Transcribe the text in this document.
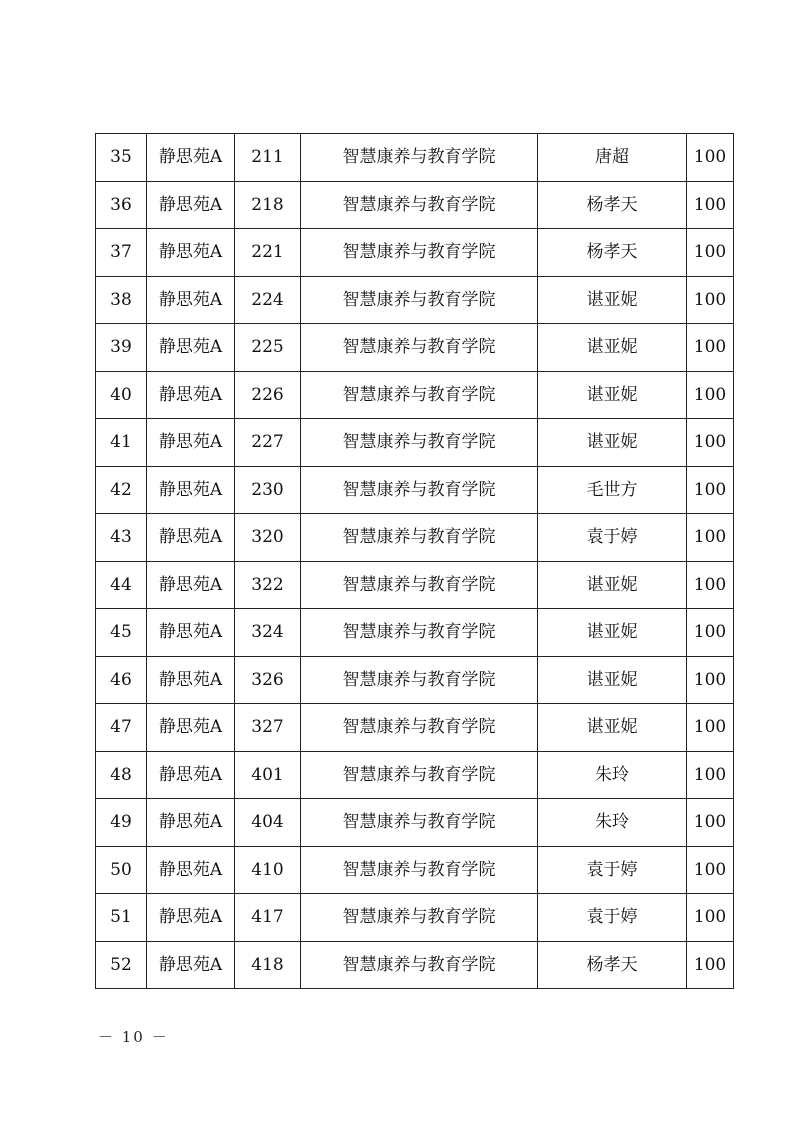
35	静思苑A	211	智慧康养与教育学院	唐超	100
36	静思苑A	218	智慧康养与教育学院	杨孝天	100
37	静思苑A	221	智慧康养与教育学院	杨孝天	100
38	静思苑A	224	智慧康养与教育学院	谌亚妮	100
39	静思苑A	225	智慧康养与教育学院	谌亚妮	100
40	静思苑A	226	智慧康养与教育学院	谌亚妮	100
41	静思苑A	227	智慧康养与教育学院	谌亚妮	100
42	静思苑A	230	智慧康养与教育学院	毛世方	100
43	静思苑A	320	智慧康养与教育学院	袁于婷	100
44	静思苑A	322	智慧康养与教育学院	谌亚妮	100
45	静思苑A	324	智慧康养与教育学院	谌亚妮	100
46	静思苑A	326	智慧康养与教育学院	谌亚妮	100
47	静思苑A	327	智慧康养与教育学院	谌亚妮	100
48	静思苑A	401	智慧康养与教育学院	朱玲	100
49	静思苑A	404	智慧康养与教育学院	朱玲	100
50	静思苑A	410	智慧康养与教育学院	袁于婷	100
51	静思苑A	417	智慧康养与教育学院	袁于婷	100
52	静思苑A	418	智慧康养与教育学院	杨孝天	100
－ 10 －
